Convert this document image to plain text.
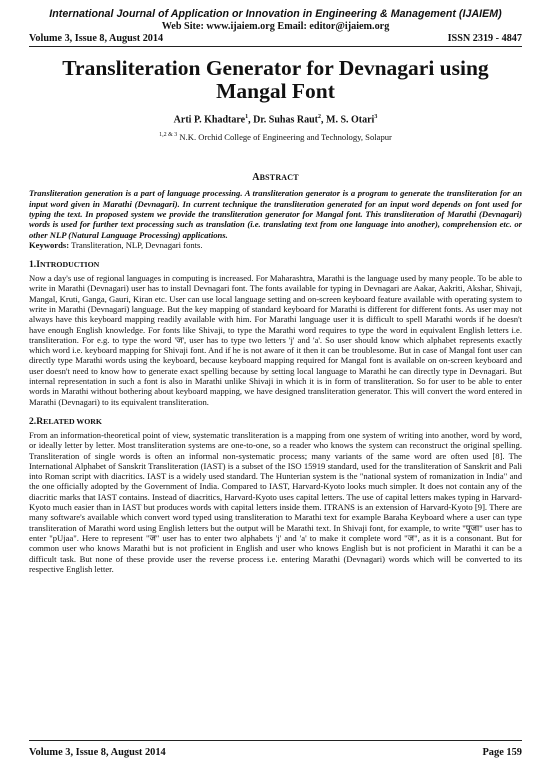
International Journal of Application or Innovation in Engineering & Management (IJAIEM)
Web Site: www.ijaiem.org Email: editor@ijaiem.org
Volume 3, Issue 8, August 2014	ISSN 2319 - 4847
Transliteration Generator for Devnagari using
Mangal Font
Arti P. Khadtare$^1$, Dr. Suhas Raut$^2$, M. S. Otari$^3$
$^{1,2 \& 3}$ N.K. Orchid College of Engineering and Technology, Solapur
ABSTRACT

Transliteration generation is a part of language processing. A transliteration generator is a program to generate the transliteration for an input word given in Marathi (Devnagari). In current technique the transliteration generated for an input word depends on font used for typing the text. In proposed system we provide the transliteration generator for Mangal font. This transliteration of Marathi (Devnagari) words is used for further text processing such as translation (i.e. translating text from one language into another), comprehension etc. or other NLP (Natural Language Processing) applications.

Keywords: Transliteration, NLP, Devnagari fonts.

1.INTRODUCTION

Now a day's use of regional languages in computing is increased. For Maharashtra, Marathi is the language used by many people. To be able to write in Marathi (Devnagari) user has to install Devnagari font. The fonts available for typing in Devnagari are Aakar, Aakriti, Akshar, Shivaji, Mangal, Kruti, Ganga, Gauri, Kiran etc. User can use local language setting and on-screen keyboard feature available with operating system to write in Marathi (Devnagari) language. But the key mapping of standard keyboard for Marathi is different for different fonts. As user may not always have this keyboard mapping readily available with him. For Marathi language user it is difficult to spell Marathi words if he doesn't have enough English knowledge. For fonts like Shivaji, to type the Marathi word requires to type the word in equivalent English letters i.e. transliteration. For e.g. to type the word 'ज', user has to type two letters 'j' and 'a'. So user should know which alphabet represents exactly which word i.e. keyboard mapping for Shivaji font. And if he is not aware of it then it can be troublesome. But in case of Mangal font user can directly type Marathi words using the keyboard, because keyboard mapping required for Mangal font is available on on-screen keyboard and user doesn't need to know how to generate exact spelling because by setting local language to Marathi he can directly type in Devnagari. But internal representation in such a font is also in Marathi unlike Shivaji in which it is in form of transliteration. So for user to be able to enter words in Marathi without bothering about keyboard mapping, we have designed transliteration generator. This will convert the word entered in Marathi (Devnagari) to its equivalent transliteration.

2.RELATED WORK

From an information-theoretical point of view, systematic transliteration is a mapping from one system of writing into another, word by word, or ideally letter by letter. Most transliteration systems are one-to-one, so a reader who knows the system can reconstruct the original spelling. Transliteration of single words is often an informal non-systematic process; many variants of the same word are often used [8]. The International Alphabet of Sanskrit Transliteration (IAST) is a subset of the ISO 15919 standard, used for the transliteration of Sanskrit and Pali into Roman script with diacritics. IAST is a widely used standard. The Hunterian system is the "national system of romanization in India" and the one officially adopted by the Government of India. Compared to IAST, Harvard-Kyoto looks much simpler. It does not contain any of the diacritic marks that IAST contains. Instead of diacritics, Harvard-Kyoto uses capital letters. The use of capital letters makes typing in Harvard-Kyoto much easier than in IAST but produces words with capital letters inside them. ITRANS is an extension of Harvard-Kyoto [9]. There are many software's available which convert word typed using transliteration to Marathi text for example Baraha Keyboard where a user can type transliteration of Marathi word using English letters but the output will be Marathi text. In Shivaji font, for example, to write "पूजा" user has to enter "pUjaa". Here to represent "ज" user has to enter two alphabets 'j' and 'a' to make it complete word "ज", as it is a consonant. But for common user who knows Marathi but is not proficient in English and user who knows English but is not proficient in Marathi it can be a difficult task. But none of these provide user the reverse process i.e. entering Marathi (Devnagari) words which will be converted to its respective English letter.

Volume 3, Issue 8, August 2014	Page 159
